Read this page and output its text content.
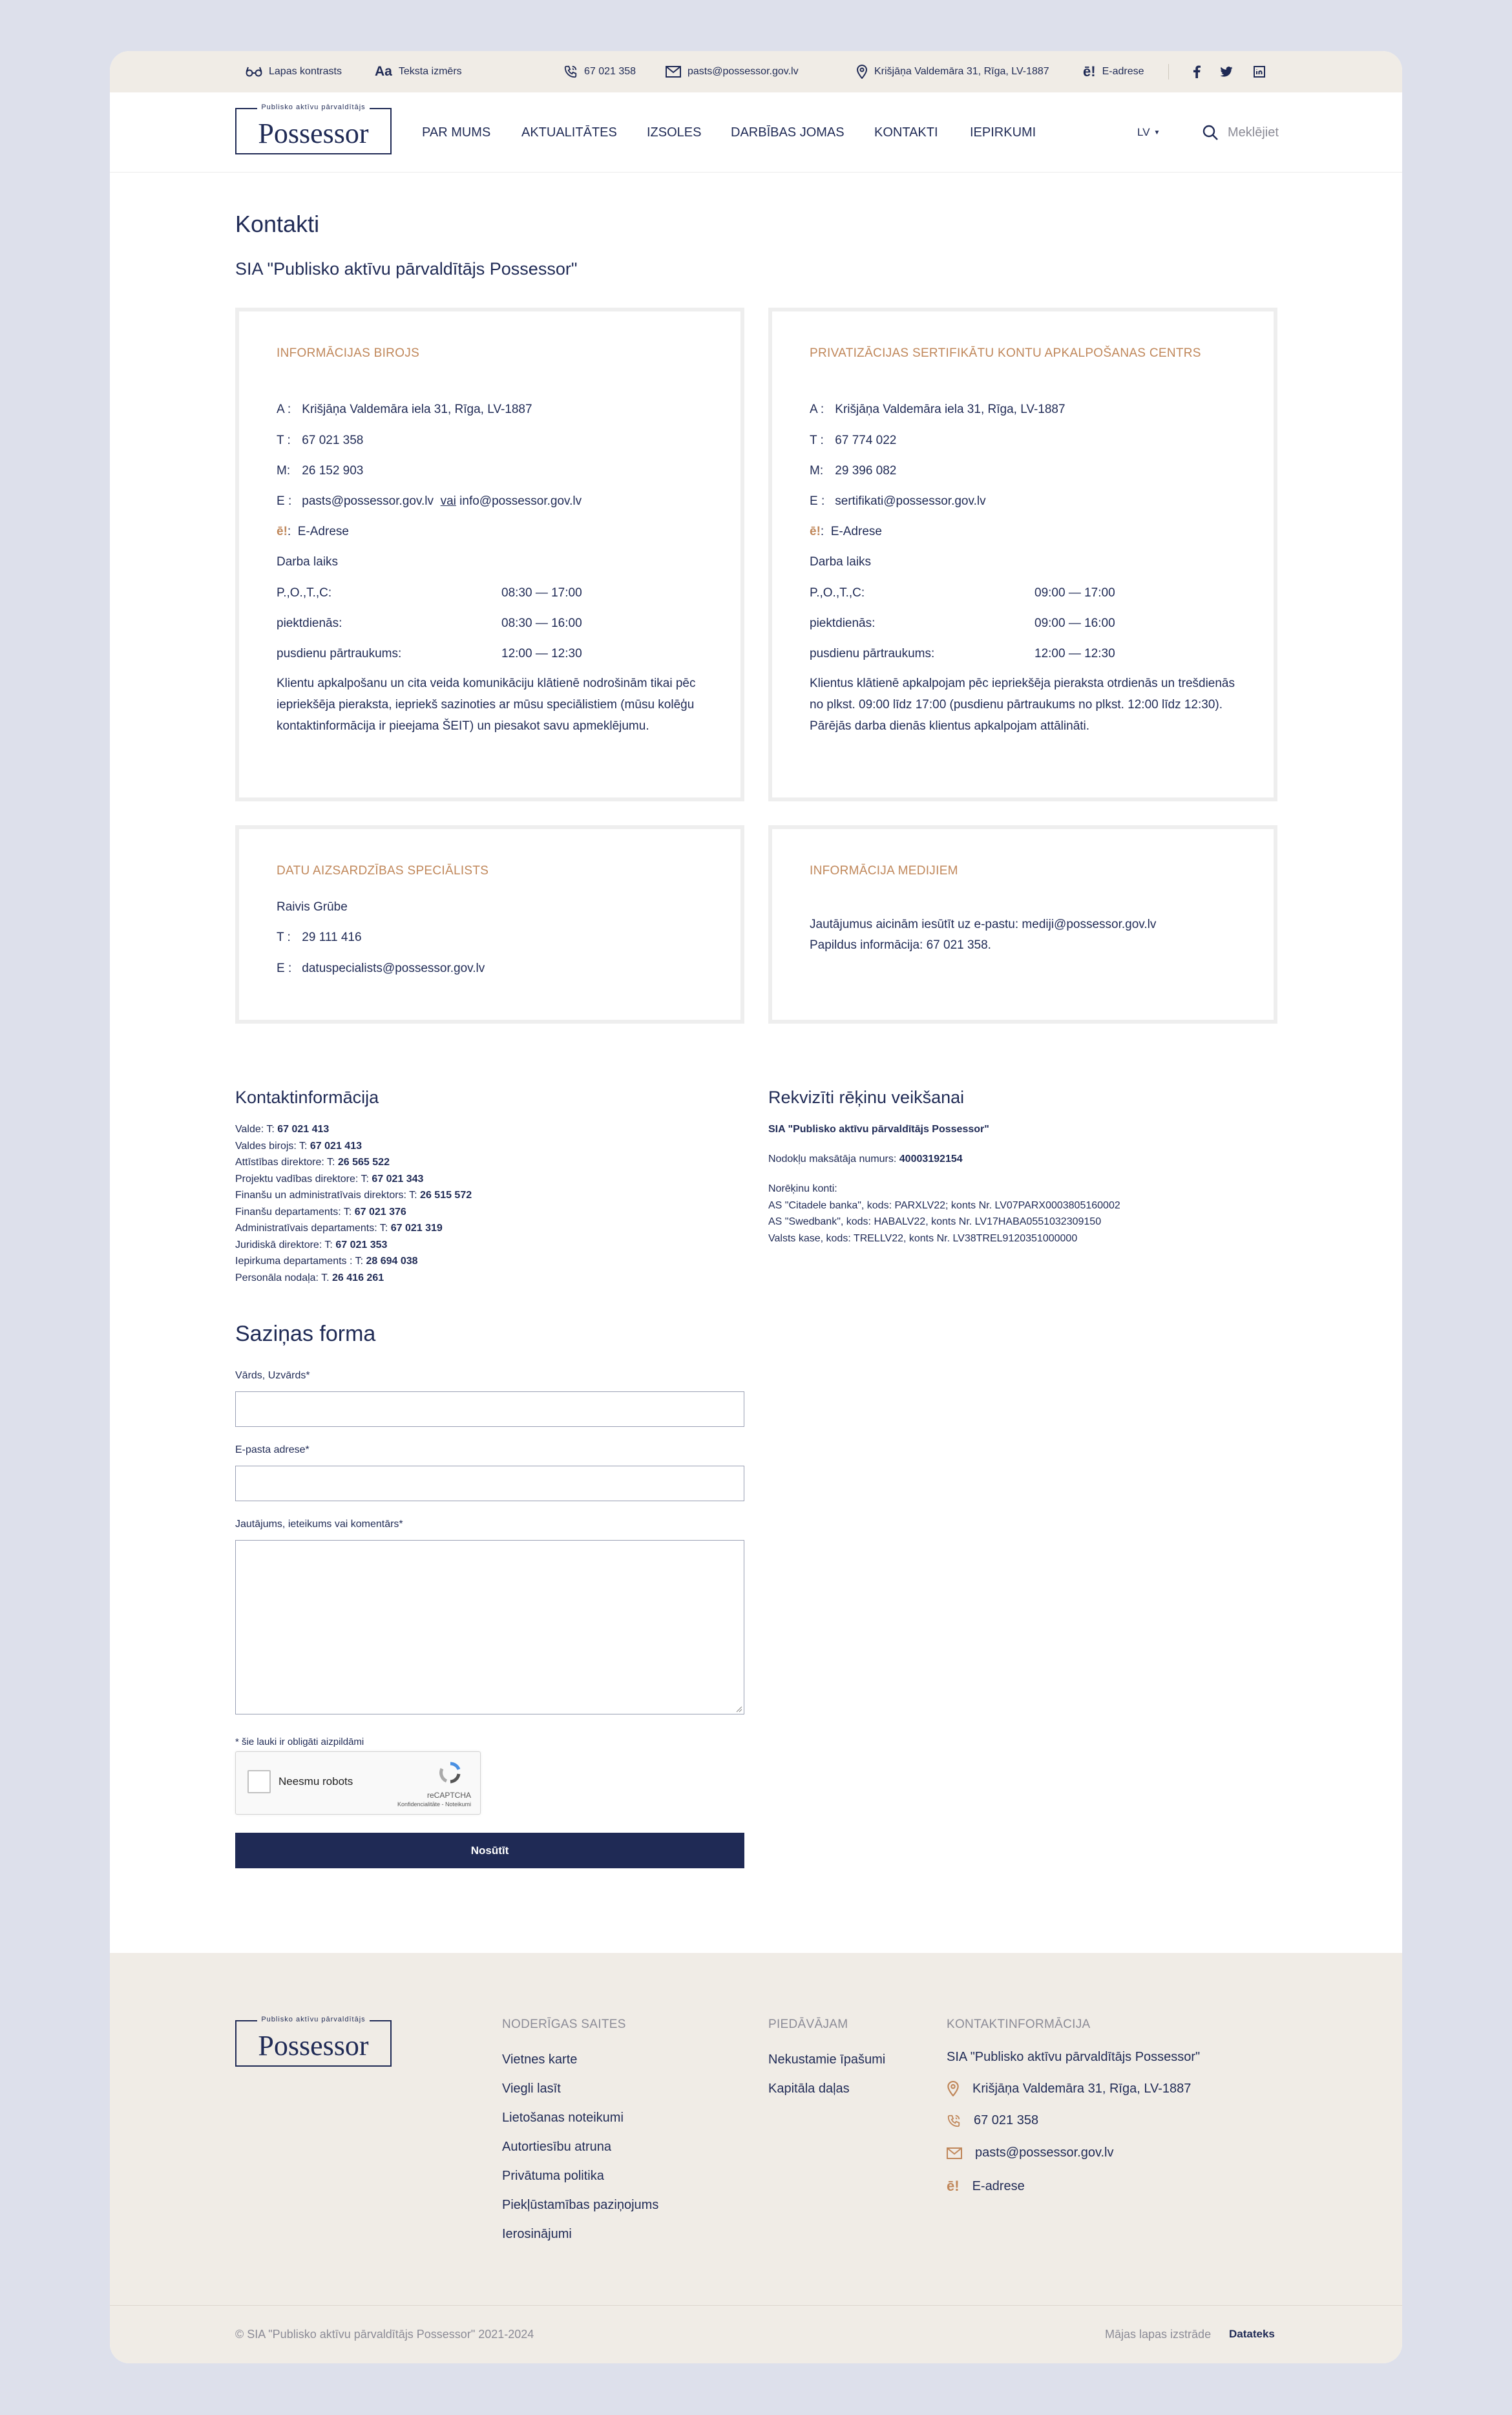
Lapas kontrasts Aa Teksta izmērs	67 021 358	pasts@possessor.gov.lv	Krišjāņa Valdemāra 31, Rīga, LV-1887 ē! E-adrese
Publisko aktīvu pārvaldītājs
Possessor	PAR MUMS AKTUALITĀTES IZSOLES DARBĪBAS JOMAS KONTAKTI IEPIRKUMI	LV ▼	Meklējiet
Kontakti
SIA "Publisko aktīvu pārvaldītājs Possessor"
INFORMĀCIJAS BIROJS
A : Krišjāņa Valdemāra iela 31, Rīga, LV-1887
T : 67 021 358
M: 26 152 903
E : pasts@possessor.gov.lv vai info@possessor.gov.lv
ē!: E-Adrese
Darba laiks
P.,O.,T.,C:	08:30 — 17:00
piektdienās:	08:30 — 16:00
pusdienu pārtraukums:	12:00 — 12:30
Klientu apkalpošanu un cita veida komunikāciju klātienē nodrošinām tikai pēc iepriekšēja pieraksta, iepriekš sazinoties ar mūsu speciālistiem (mūsu kolēģu kontaktinformācija ir pieejama ŠEIT) un piesakot savu apmeklējumu.
PRIVATIZĀCIJAS SERTIFIKĀTU KONTU APKALPOŠANAS CENTRS
A : Krišjāņa Valdemāra iela 31, Rīga, LV-1887
T : 67 774 022
M: 29 396 082
E : sertifikati@possessor.gov.lv
ē!: E-Adrese
Darba laiks
P.,O.,T.,C:	09:00 — 17:00
piektdienās:	09:00 — 16:00
pusdienu pārtraukums:	12:00 — 12:30
Klientus klātienē apkalpojam pēc iepriekšēja pieraksta otrdienās un trešdienās no plkst. 09:00 līdz 17:00 (pusdienu pārtraukums no plkst. 12:00 līdz 12:30). Pārējās darba dienās klientus apkalpojam attālināti.
DATU AIZSARDZĪBAS SPECIĀLISTS
Raivis Grūbe
T : 29 111 416
E : datuspecialists@possessor.gov.lv
INFORMĀCIJA MEDIJIEM
Jautājumus aicinām iesūtīt uz e-pastu: mediji@possessor.gov.lv
Papildus informācija: 67 021 358.
Kontaktinformācija
Valde: T: 67 021 413
Valdes birojs: T: 67 021 413
Attīstības direktore: T: 26 565 522
Projektu vadības direktore: T: 67 021 343
Finanšu un administratīvais direktors: T: 26 515 572
Finanšu departaments: T: 67 021 376
Administratīvais departaments: T: 67 021 319
Juridiskā direktore: T: 67 021 353
Iepirkuma departaments : T: 28 694 038
Personāla nodaļa: T. 26 416 261
Rekvizīti rēķinu veikšanai
SIA "Publisko aktīvu pārvaldītājs Possessor"
Nodokļu maksātāja numurs: 40003192154
Norēķinu konti:
AS "Citadele banka", kods: PARXLV22; konts Nr. LV07PARX0003805160002
AS "Swedbank", kods: HABALV22, konts Nr. LV17HABA0551032309150
Valsts kase, kods: TRELLV22, konts Nr. LV38TREL9120351000000
Saziņas forma
Vārds, Uzvārds*
E-pasta adrese*
Jautājums, ieteikums vai komentārs*
* šie lauki ir obligāti aizpildāmi
Neesmu robots
reCAPTCHA
Konfidencialitāte - Noteikumi
Nosūtīt
Publisko aktīvu pārvaldītājs
Possessor
NODERĪGAS SAITES
Vietnes karte
Viegli lasīt
Lietošanas noteikumi
Autortiesību atruna
Privātuma politika
Piekļūstamības paziņojums
Ierosinājumi
PIEDĀVĀJAM
Nekustamie īpašumi
Kapitāla daļas
KONTAKTINFORMĀCIJA
SIA "Publisko aktīvu pārvaldītājs Possessor"
Krišjāņa Valdemāra 31, Rīga, LV-1887
67 021 358
pasts@possessor.gov.lv
ē! E-adrese
© SIA "Publisko aktīvu pārvaldītājs Possessor" 2021-2024	Mājas lapas izstrāde Datateks
